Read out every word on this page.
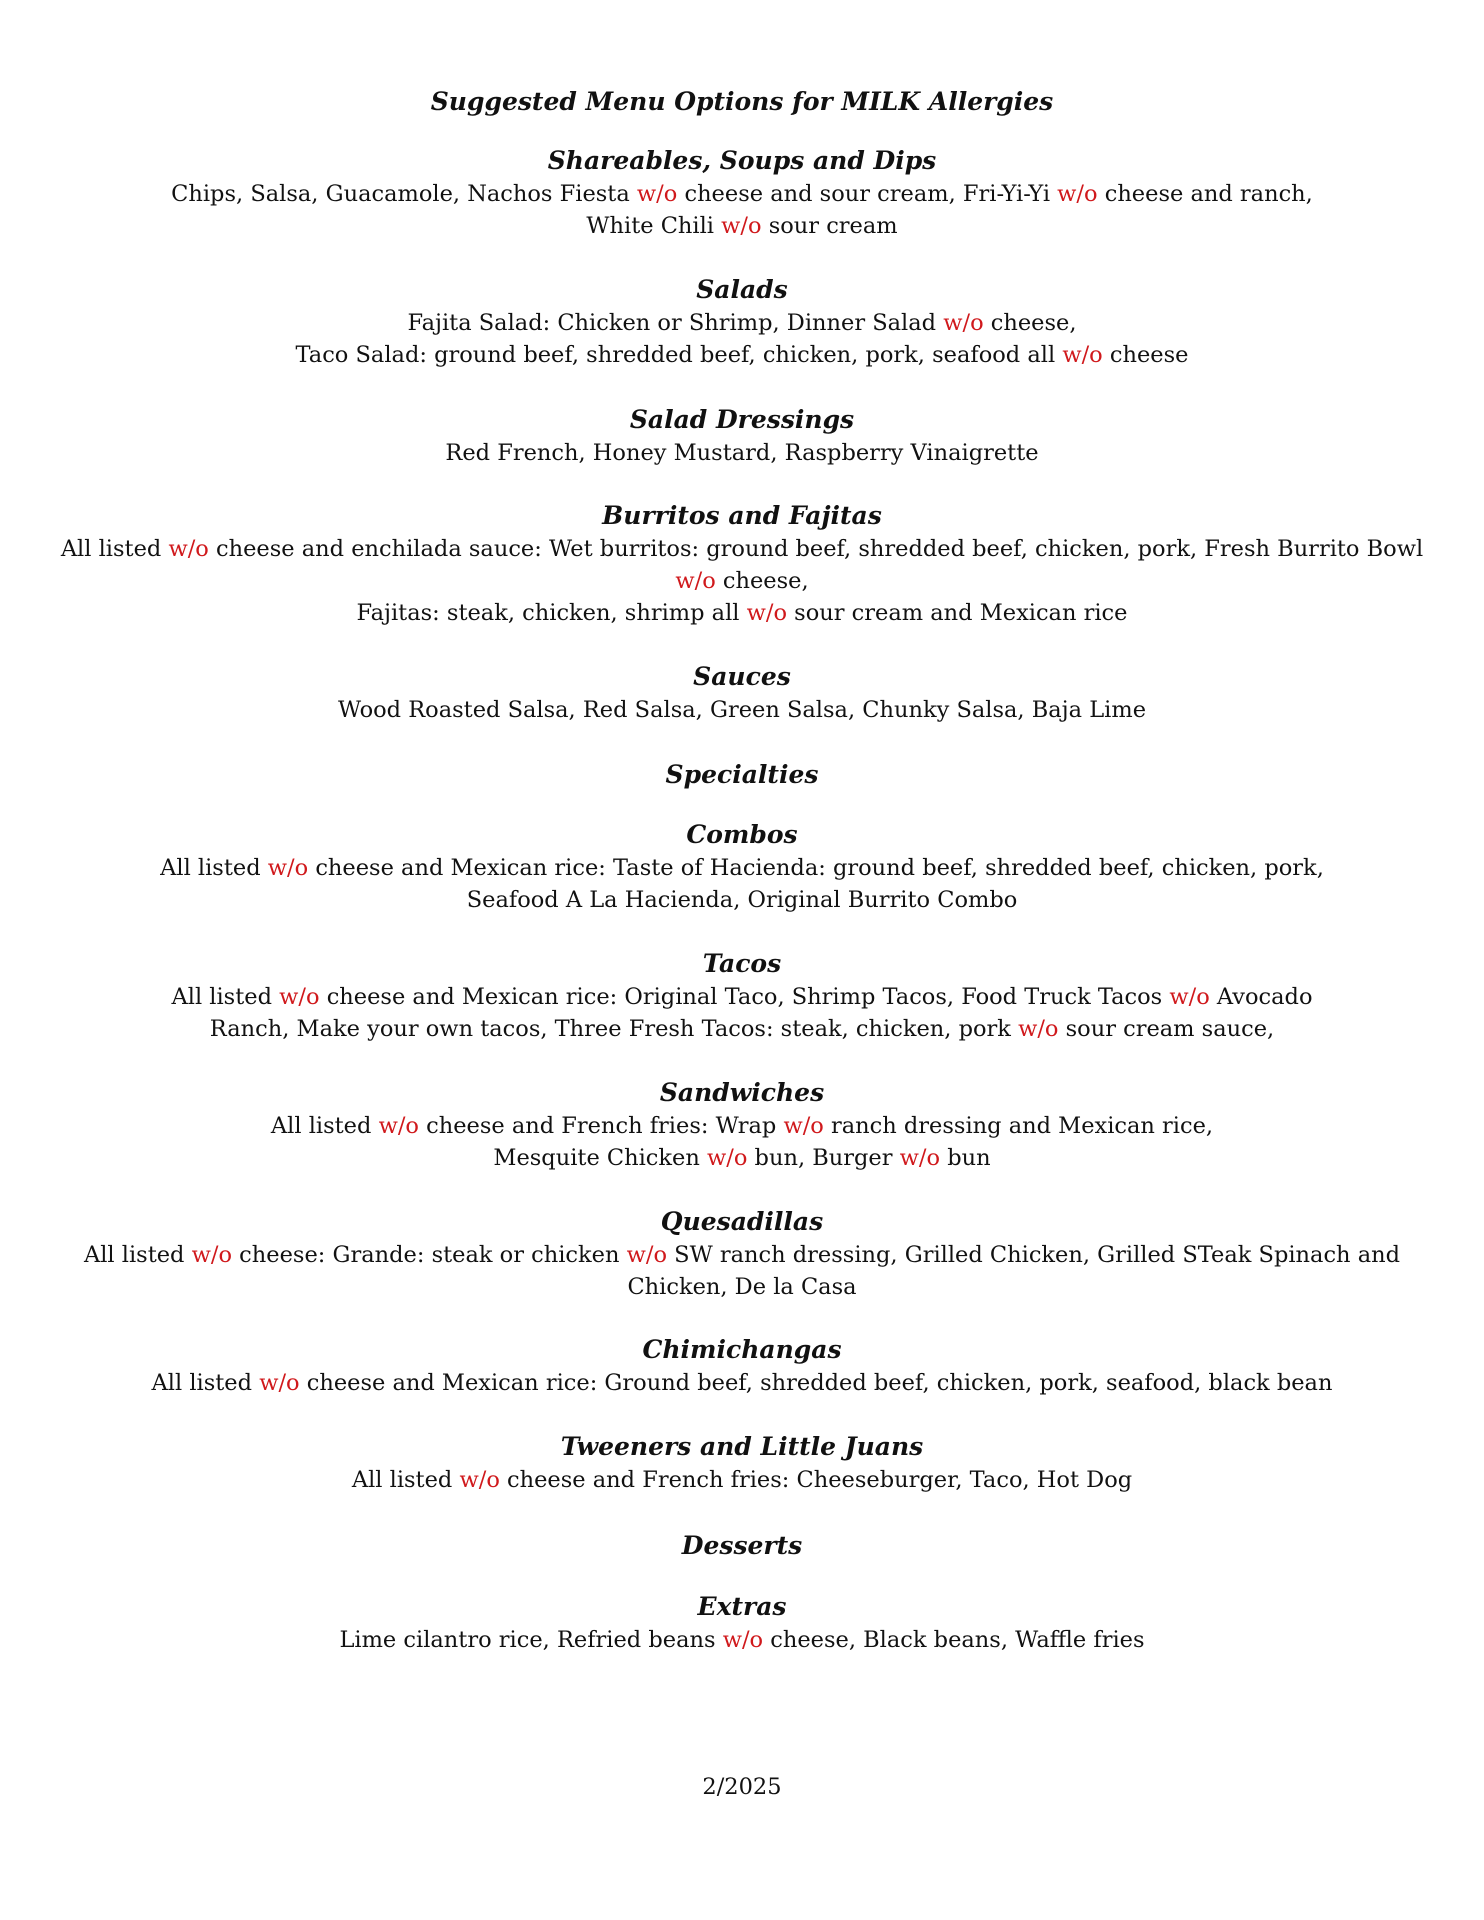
Suggested Menu Options for MILK Allergies

Shareables, Soups and Dips

Chips, Salsa, Guacamole, Nachos Fiesta w/o cheese and sour cream, Fri-Yi-Yi w/o cheese and ranch,
White Chili w/o sour cream

Salads

Fajita Salad: Chicken or Shrimp, Dinner Salad w/o cheese,
Taco Salad: ground beef, shredded beef, chicken, pork, seafood all w/o cheese

Salad Dressings

Red French, Honey Mustard, Raspberry Vinaigrette

Burritos and Fajitas

All listed w/o cheese and enchilada sauce: Wet burritos: ground beef, shredded beef, chicken, pork, Fresh Burrito Bowl
w/o cheese,
Fajitas: steak, chicken, shrimp all w/o sour cream and Mexican rice

Sauces

Wood Roasted Salsa, Red Salsa, Green Salsa, Chunky Salsa, Baja Lime

Specialties

Combos

All listed w/o cheese and Mexican rice: Taste of Hacienda: ground beef, shredded beef, chicken, pork,
Seafood A La Hacienda, Original Burrito Combo

Tacos

All listed w/o cheese and Mexican rice: Original Taco, Shrimp Tacos, Food Truck Tacos w/o Avocado
Ranch, Make your own tacos, Three Fresh Tacos: steak, chicken, pork w/o sour cream sauce,

Sandwiches

All listed w/o cheese and French fries: Wrap w/o ranch dressing and Mexican rice,
Mesquite Chicken w/o bun, Burger w/o bun

Quesadillas

All listed w/o cheese: Grande: steak or chicken w/o SW ranch dressing, Grilled Chicken, Grilled STeak Spinach and
Chicken, De la Casa

Chimichangas

All listed w/o cheese and Mexican rice: Ground beef, shredded beef, chicken, pork, seafood, black bean

Tweeners and Little Juans

All listed w/o cheese and French fries: Cheeseburger, Taco, Hot Dog

Desserts

Extras

Lime cilantro rice, Refried beans w/o cheese, Black beans, Waffle fries
2/2025
